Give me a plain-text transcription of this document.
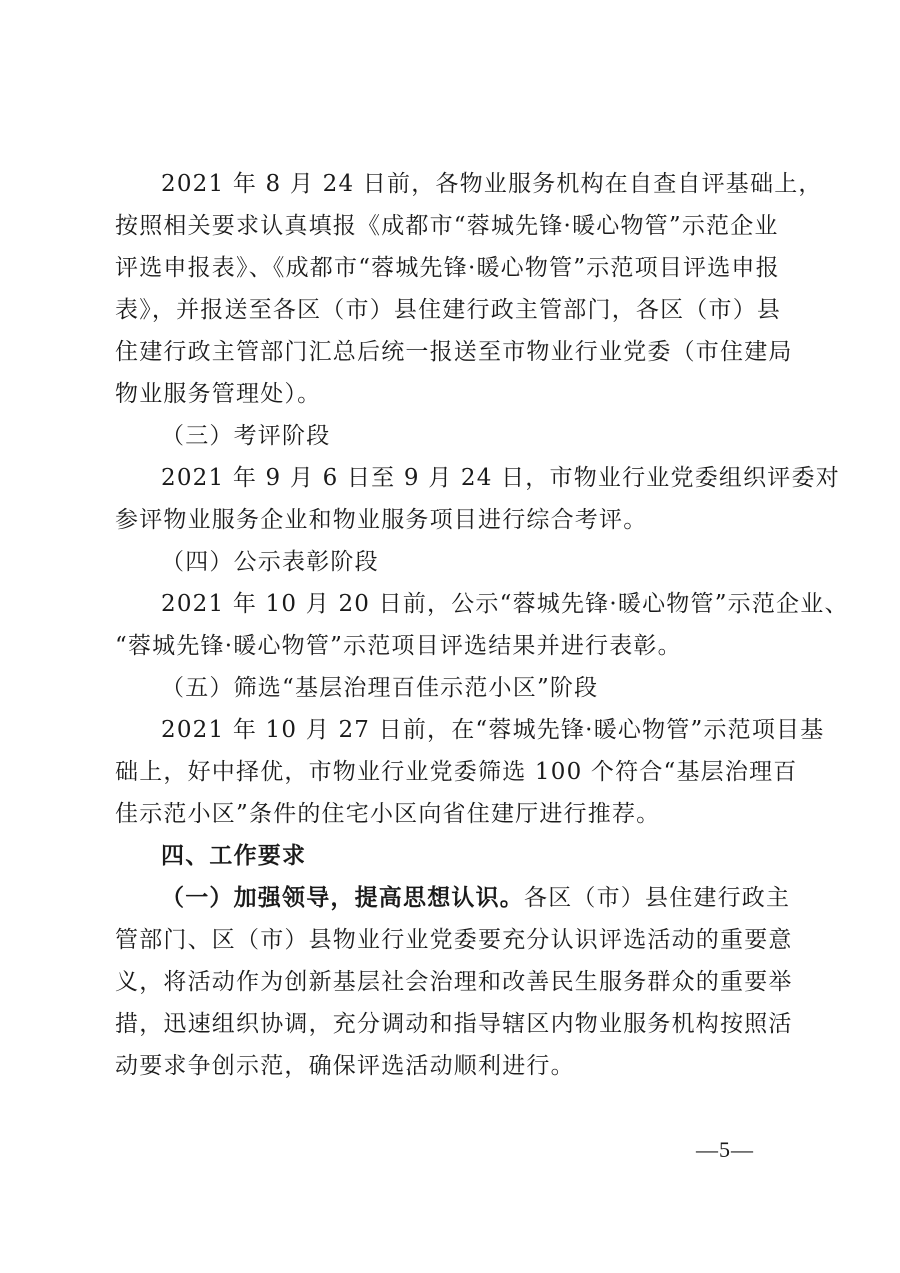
2021 年 8 月 24 日前，各物业服务机构在自查自评基础上，
按照相关要求认真填报《成都市“蓉城先锋·暖心物管”示范企业
评选申报表》、《成都市“蓉城先锋·暖心物管”示范项目评选申报
表》，并报送至各区（市）县住建行政主管部门，各区（市）县
住建行政主管部门汇总后统一报送至市物业行业党委（市住建局
物业服务管理处）。
（三）考评阶段
2021 年 9 月 6 日至 9 月 24 日，市物业行业党委组织评委对
参评物业服务企业和物业服务项目进行综合考评。
（四）公示表彰阶段
2021 年 10 月 20 日前，公示“蓉城先锋·暖心物管”示范企业、
“蓉城先锋·暖心物管”示范项目评选结果并进行表彰。
（五）筛选“基层治理百佳示范小区”阶段
2021 年 10 月 27 日前，在“蓉城先锋·暖心物管”示范项目基
础上，好中择优，市物业行业党委筛选 100 个符合“基层治理百
佳示范小区”条件的住宅小区向省住建厅进行推荐。
四、工作要求
（一）加强领导，提高思想认识。各区（市）县住建行政主
管部门、区（市）县物业行业党委要充分认识评选活动的重要意
义，将活动作为创新基层社会治理和改善民生服务群众的重要举
措，迅速组织协调，充分调动和指导辖区内物业服务机构按照活
动要求争创示范，确保评选活动顺利进行。
—5—
